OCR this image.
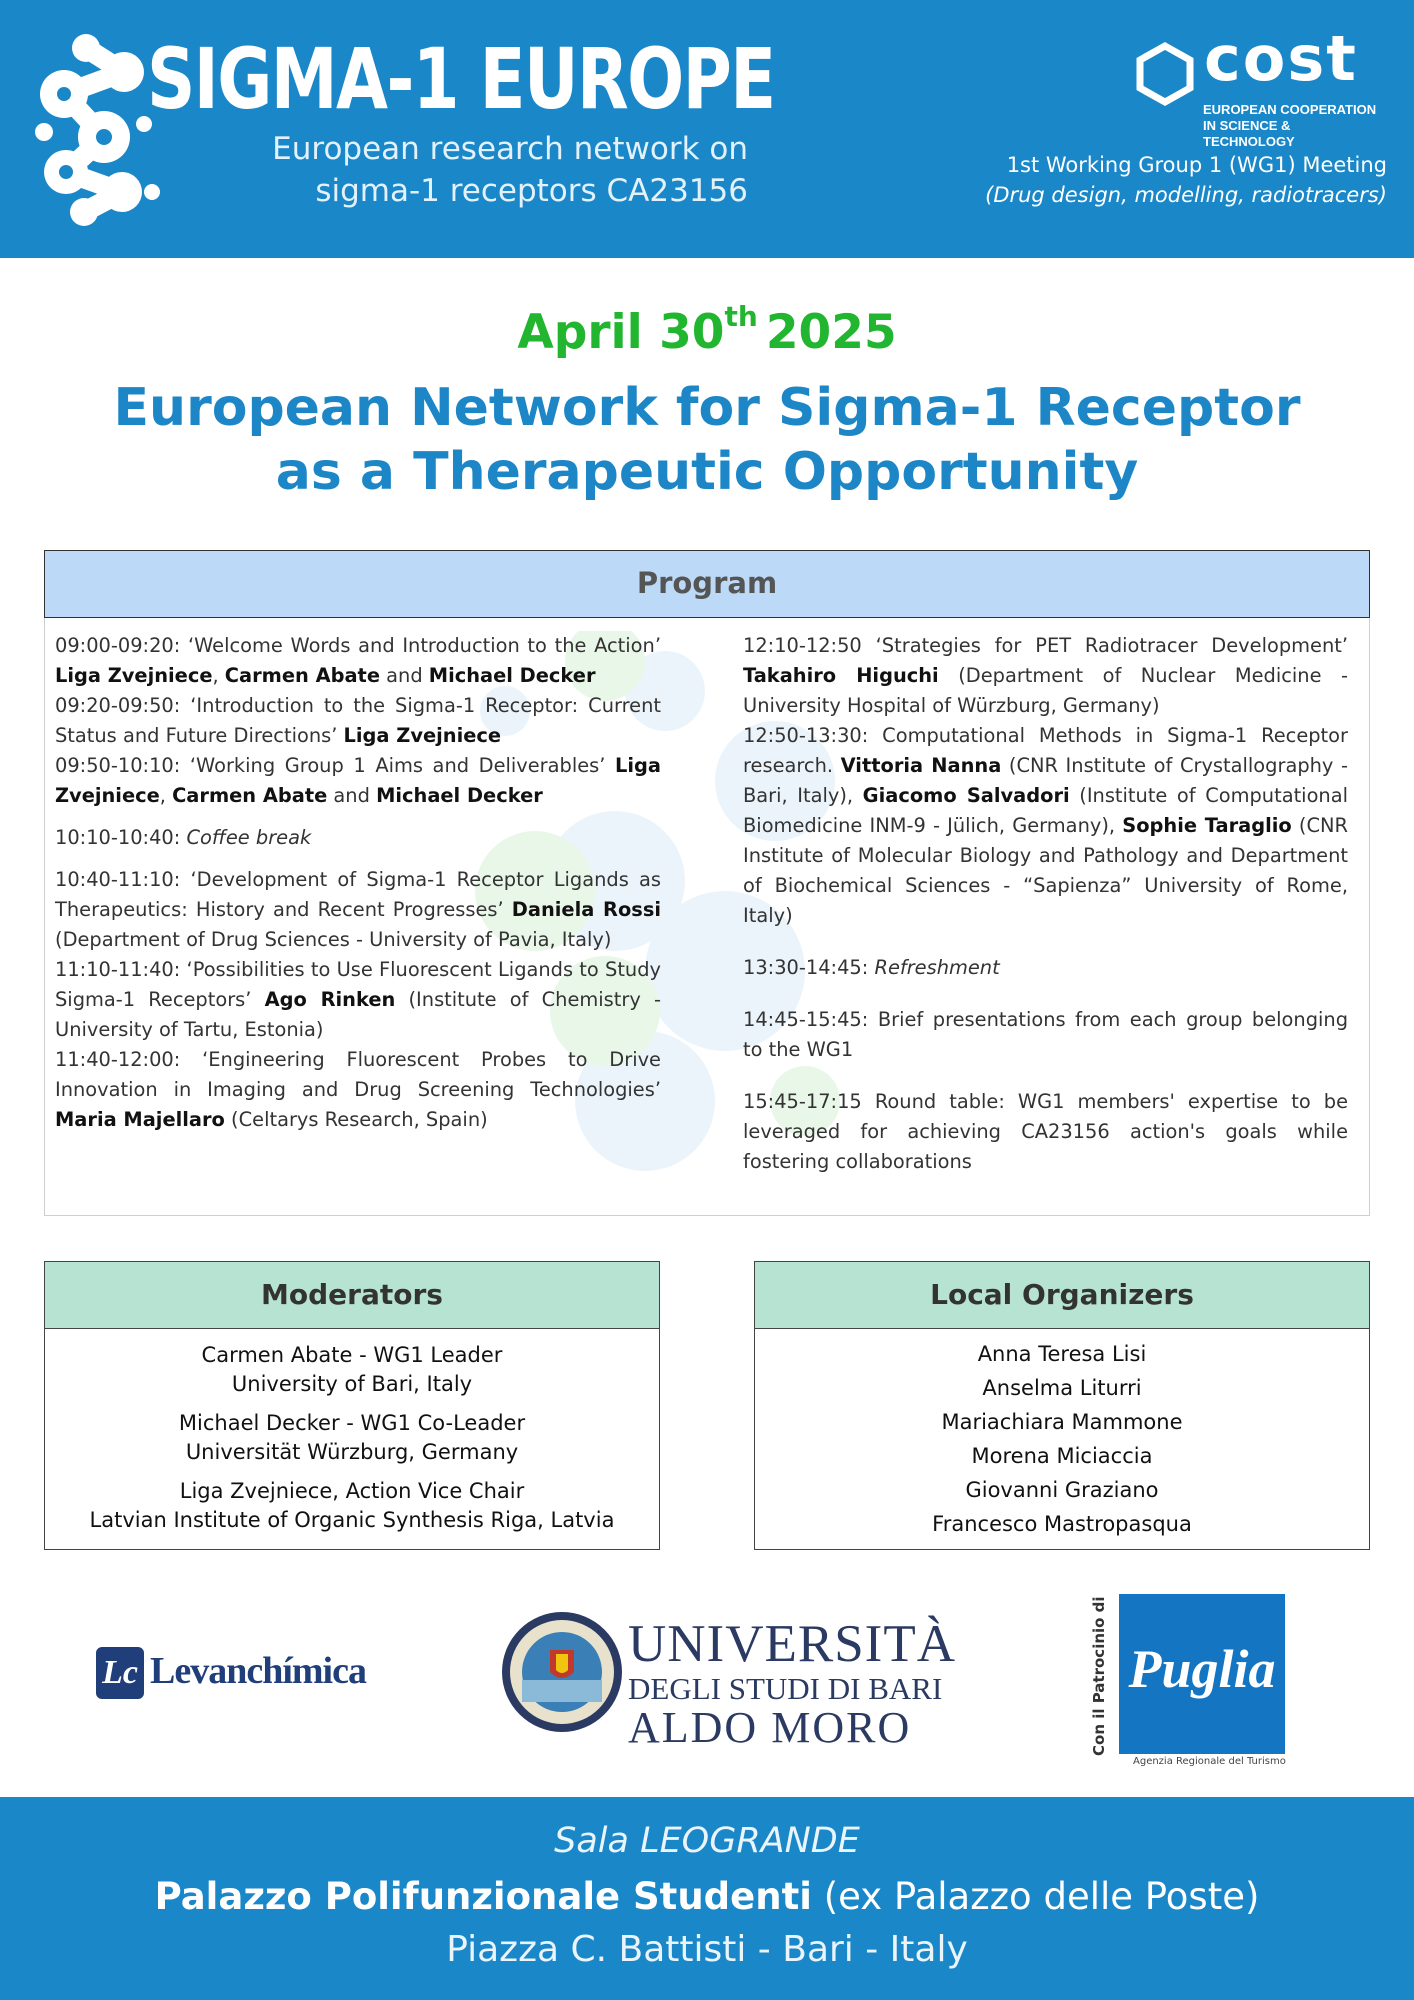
SIGMA-1 EUROPE
European research network on
sigma-1 receptors CA23156
cost
EUROPEAN COOPERATION
IN SCIENCE & TECHNOLOGY
1st Working Group 1 (WG1) Meeting
(Drug design, modelling, radiotracers)
April 30th 2025
European Network for Sigma-1 Receptor
as a Therapeutic Opportunity
Program

09:00-09:20: ‘Welcome Words and Introduction to the Action’ Liga Zvejniece, Carmen Abate and Michael Decker

09:20-09:50: ‘Introduction to the Sigma-1 Receptor: Current Status and Future Directions’ Liga Zvejniece

09:50-10:10: ‘Working Group 1 Aims and Deliverables’ Liga Zvejniece, Carmen Abate and Michael Decker

10:10-10:40: Coffee break

10:40-11:10: ‘Development of Sigma-1 Receptor Ligands as Therapeutics: History and Recent Progresses’ Daniela Rossi (Department of Drug Sciences - University of Pavia, Italy)

11:10-11:40: ‘Possibilities to Use Fluorescent Ligands to Study Sigma-1 Receptors’ Ago Rinken (Institute of Chemistry - University of Tartu, Estonia)

11:40-12:00: ‘Engineering Fluorescent Probes to Drive Innovation in Imaging and Drug Screening Technologies’ Maria Majellaro (Celtarys Research, Spain)

12:10-12:50 ‘Strategies for PET Radiotracer Development’ Takahiro Higuchi (Department of Nuclear Medicine - University Hospital of Würzburg, Germany)

12:50-13:30: Computational Methods in Sigma-1 Receptor research. Vittoria Nanna (CNR Institute of Crystallography - Bari, Italy), Giacomo Salvadori (Institute of Computational Biomedicine INM-9 - Jülich, Germany), Sophie Taraglio (CNR Institute of Molecular Biology and Pathology and Department of Biochemical Sciences - “Sapienza” University of Rome, Italy)

13:30-14:45: Refreshment

14:45-15:45: Brief presentations from each group belonging to the WG1

15:45-17:15 Round table: WG1 members' expertise to be leveraged for achieving CA23156 action's goals while fostering collaborations

Moderators
Carmen Abate - WG1 Leader
University of Bari, Italy
Michael Decker - WG1 Co-Leader
Universität Würzburg, Germany
Liga Zvejniece, Action Vice Chair
Latvian Institute of Organic Synthesis Riga, Latvia
Local Organizers
Anna Teresa Lisi
Anselma Liturri
Mariachiara Mammone
Morena Miciaccia
Giovanni Graziano
Francesco Mastropasqua
Lc Levanchímica	UNIVERSITÀ
DEGLI STUDI DI BARI
ALDO MORO	Con il Patrocinio di Puglia
PROMOZIONE
Agenzia Regionale del Turismo
Sala LEOGRANDE
Palazzo Polifunzionale Studenti (ex Palazzo delle Poste)
Piazza C. Battisti - Bari - Italy
